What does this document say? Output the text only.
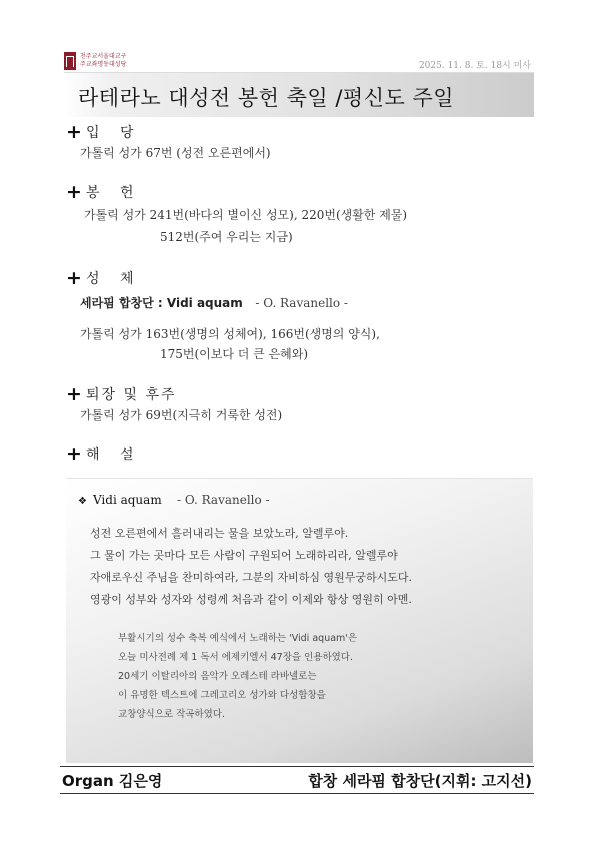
천주교서울대교구
주교좌명동대성당	2025. 11. 8. 토. 18시 미사
라테라노 대성전 봉헌 축일 /평신도 주일
+ 입 당
가톨릭 성가 67번 (성전 오른편에서)
+ 봉 헌
가톨릭 성가 241번(바다의 별이신 성모), 220번(생활한 제물)
512번(주여 우리는 지금)
+ 성 체
세라핌 합창단 : Vidi aquam - O. Ravanello -
가톨릭 성가 163번(생명의 성체여), 166번(생명의 양식),
175번(이보다 더 큰 은혜와)
+ 퇴장 및 후주
가톨릭 성가 69번(지극히 거룩한 성전)
+ 해 설
❖ Vidi aquam - O. Ravanello -
성전 오른편에서 흘러내리는 물을 보았노라, 알렐루야.
그 물이 가는 곳마다 모든 사람이 구원되어 노래하리라, 알렐루야
자애로우신 주님을 찬미하여라, 그분의 자비하심 영원무궁하시도다.
영광이 성부와 성자와 성령께 처음과 같이 이제와 항상 영원히 아멘.
부활시기의 성수 축복 예식에서 노래하는 'Vidi aquam'은
오늘 미사전례 제 1 독서 에제키엘서 47장을 인용하였다.
20세기 이탈리아의 음악가 오레스테 라바넬로는
이 유명한 텍스트에 그레고리오 성가와 다성합창을
교창양식으로 작곡하였다.
Organ 김은영	합창 세라핌 합창단(지휘: 고지선)
